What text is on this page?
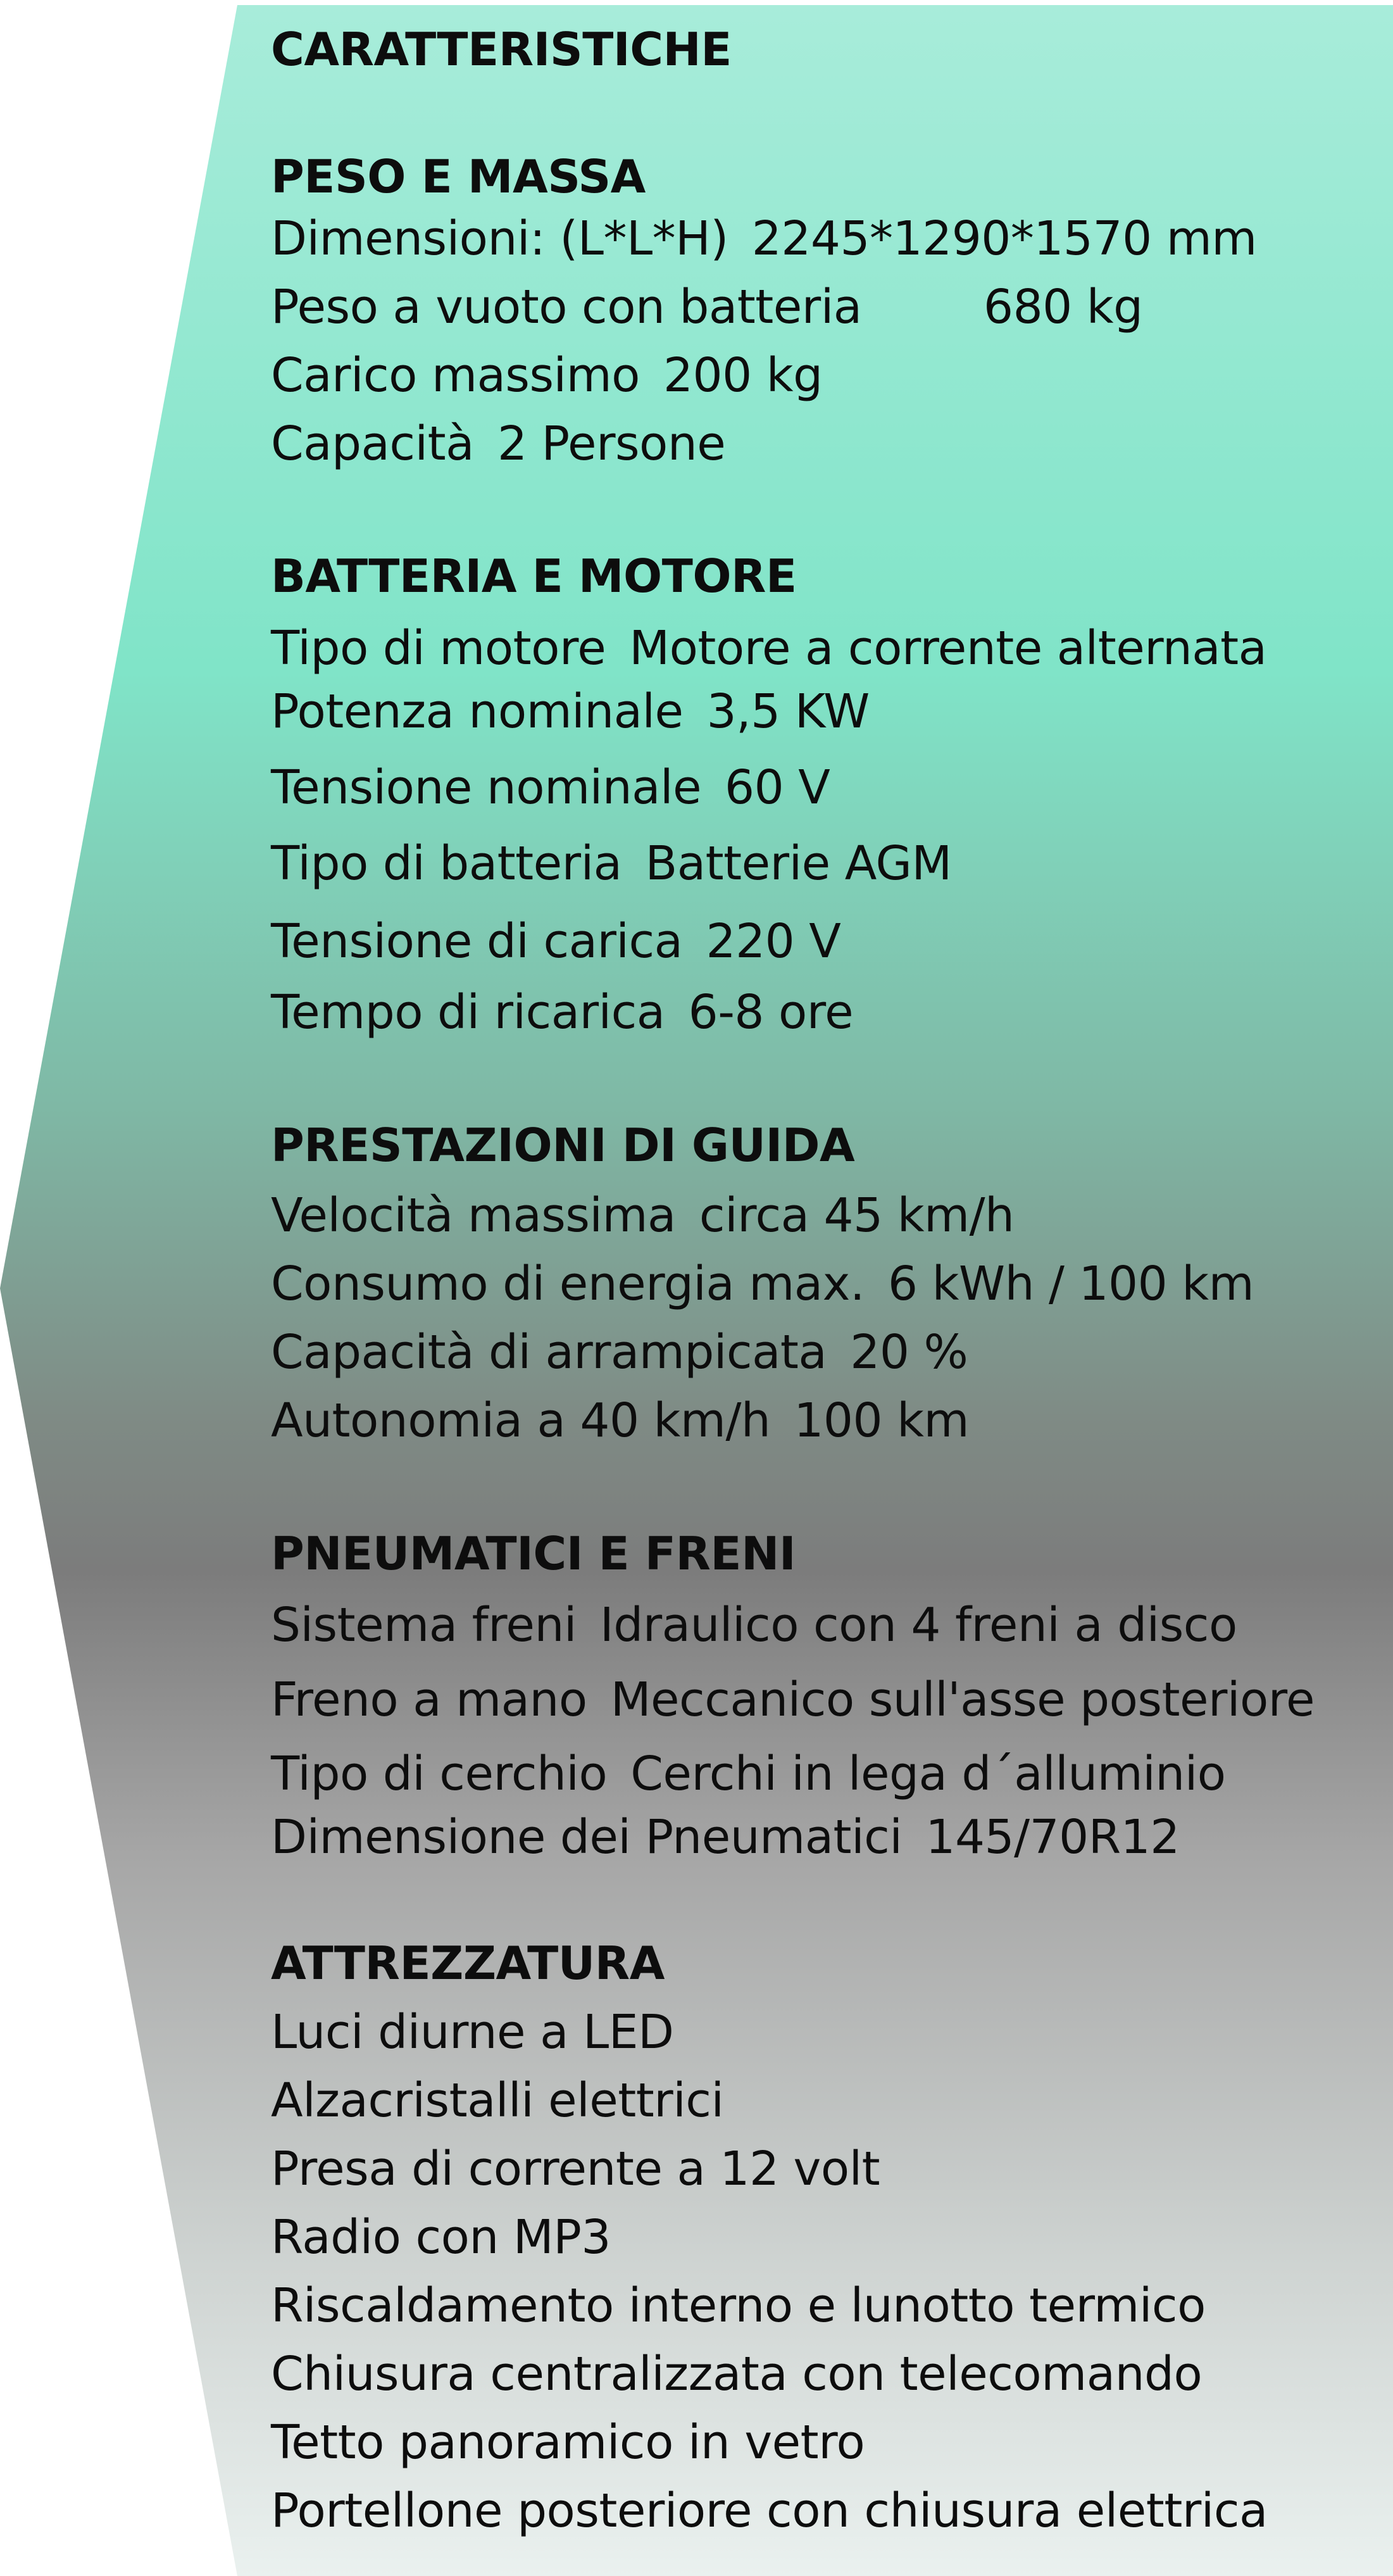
CARATTERISTICHE
PESO E MASSA
Dimensioni: (L*L*H) 2245*1290*1570 mm
Peso a vuoto con batteria	680 kg
Carico massimo 200 kg
Capacità 2 Persone
BATTERIA E MOTORE
Tipo di motore Motore a corrente alternata
Potenza nominale 3,5 KW
Tensione nominale 60 V
Tipo di batteria Batterie AGM
Tensione di carica 220 V
Tempo di ricarica 6-8 ore
PRESTAZIONI DI GUIDA
Velocità massima circa 45 km/h
Consumo di energia max. 6 kWh / 100 km
Capacità di arrampicata 20 %
Autonomia a 40 km/h 100 km
PNEUMATICI E FRENI
Sistema freni Idraulico con 4 freni a disco
Freno a mano Meccanico sull'asse posteriore
Tipo di cerchio Cerchi in lega d´alluminio
Dimensione dei Pneumatici 145/70R12
ATTREZZATURA
Luci diurne a LED
Alzacristalli elettrici
Presa di corrente a 12 volt
Radio con MP3
Riscaldamento interno e lunotto termico
Chiusura centralizzata con telecomando
Tetto panoramico in vetro
Portellone posteriore con chiusura elettrica
